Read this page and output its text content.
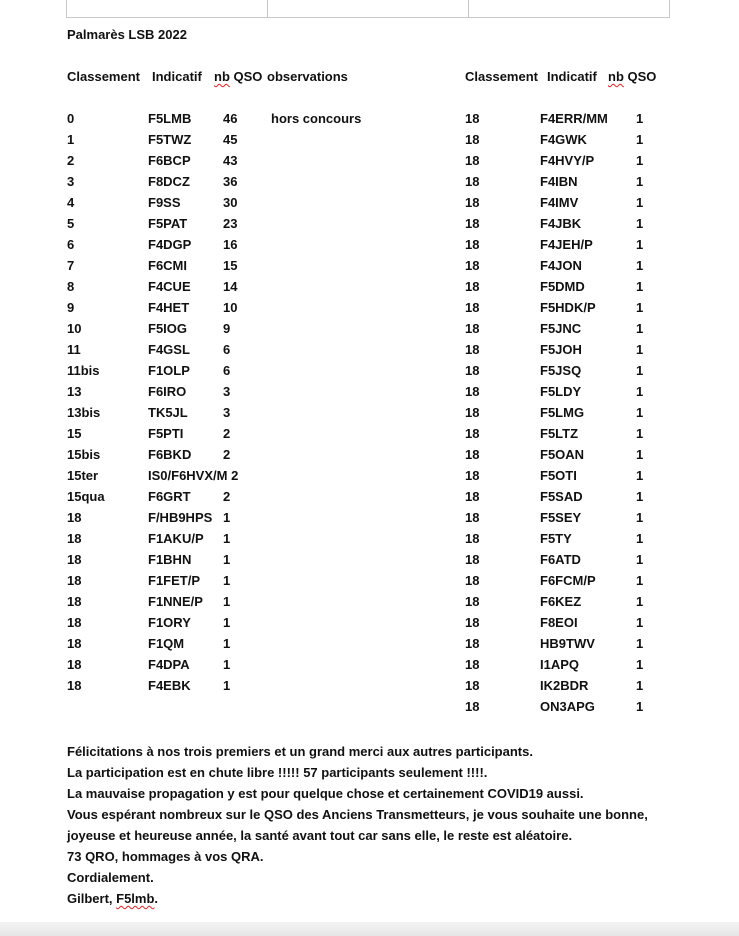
Palmarès LSB 2022
Classement Indicatif nb QSO observations	Classement Indicatif nb QSO
0	F5LMB 46	hors concours
1	F5TWZ 45
2	F6BCP 43
3	F8DCZ	36
4	F9SS	30
5	F5PAT	23
6	F4DGP 16
7	F6CMI	15
8	F4CUE 14
9	F4HET	10
10	F5IOG	9
11	F4GSL	6
11bis	F1OLP	6
13	F6IRO	3
13bis	TK5JL	3
15	F5PTI	2
15bis	F6BKD 2
15ter	IS0/F6HVX/M 2
15qua	F6GRT 2
18	F/HB9HPS 1
18	F1AKU/P 1
18	F1BHN 1
18	F1FET/P 1
18	F1NNE/P 1
18	F1ORY 1
18	F1QM	1
18	F4DPA	1
18	F4EBK 1
18	F4ERR/MM 1
18	F4GWK	1
18	F4HVY/P	1
18	F4IBN	1
18	F4IMV	1
18	F4JBK	1
18	F4JEH/P	1
18	F4JON	1
18	F5DMD	1
18	F5HDK/P	1
18	F5JNC	1
18	F5JOH	1
18	F5JSQ	1
18	F5LDY	1
18	F5LMG	1
18	F5LTZ	1
18	F5OAN	1
18	F5OTI	1
18	F5SAD	1
18	F5SEY	1
18	F5TY	1
18	F6ATD	1
18	F6FCM/P	1
18	F6KEZ	1
18	F8EOI	1
18	HB9TWV	1
18	I1APQ	1
18	IK2BDR	1
18	ON3APG	1
Félicitations à nos trois premiers et un grand merci aux autres participants.
La participation est en chute libre !!!!! 57 participants seulement !!!!.
La mauvaise propagation y est pour quelque chose et certainement COVID19 aussi.
Vous espérant nombreux sur le QSO des Anciens Transmetteurs, je vous souhaite une bonne,
joyeuse et heureuse année, la santé avant tout car sans elle, le reste est aléatoire.
73 QRO, hommages à vos QRA.
Cordialement.
Gilbert, F5lmb.
